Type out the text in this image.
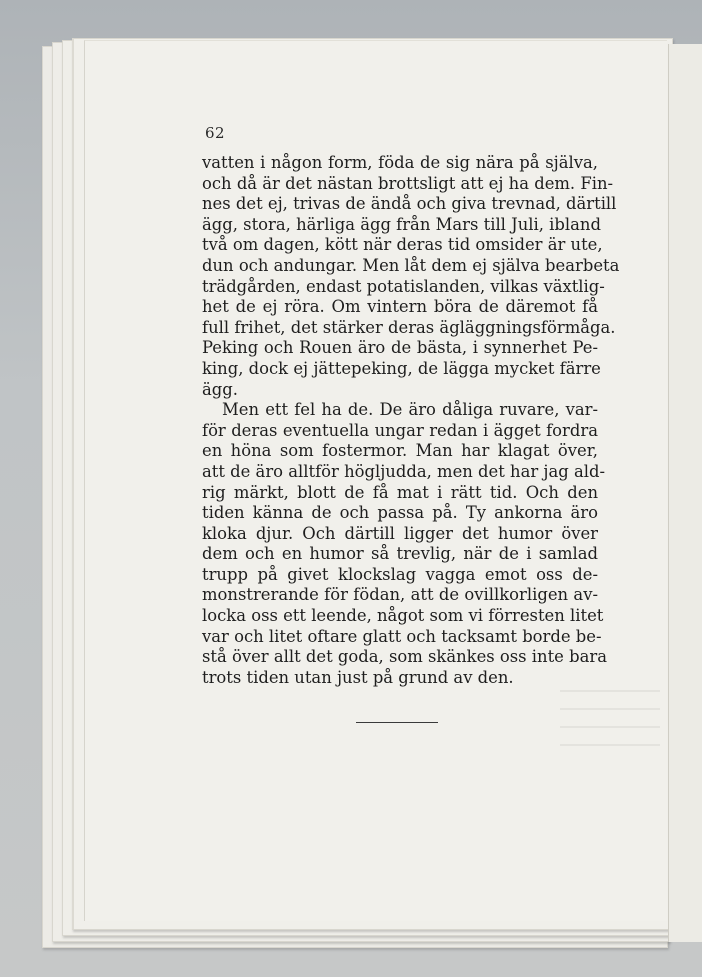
62
vatten i någon form, föda de sig nära på själva,
och då är det nästan brottsligt att ej ha dem. Fin-
nes det ej, trivas de ändå och giva trevnad, därtill
ägg, stora, härliga ägg från Mars till Juli, ibland
två om dagen, kött när deras tid omsider är ute,
dun och andungar. Men låt dem ej själva bearbeta
trädgården, endast potatislanden, vilkas växtlig-
het de ej röra. Om vintern böra de däremot få
full frihet, det stärker deras ägläggningsförmåga.
Peking och Rouen äro de bästa, i synnerhet Pe-
king, dock ej jättepeking, de lägga mycket färre
ägg.
Men ett fel ha de. De äro dåliga ruvare, var-
för deras eventuella ungar redan i ägget fordra
en höna som fostermor. Man har klagat över,
att de äro alltför högljudda, men det har jag ald-
rig märkt, blott de få mat i rätt tid. Och den
tiden känna de och passa på. Ty ankorna äro
kloka djur. Och därtill ligger det humor över
dem och en humor så trevlig, när de i samlad
trupp på givet klockslag vagga emot oss de-
monstrerande för födan, att de ovillkorligen av-
locka oss ett leende, något som vi förresten litet
var och litet oftare glatt och tacksamt borde be-
stå över allt det goda, som skänkes oss inte bara
trots tiden utan just på grund av den.
